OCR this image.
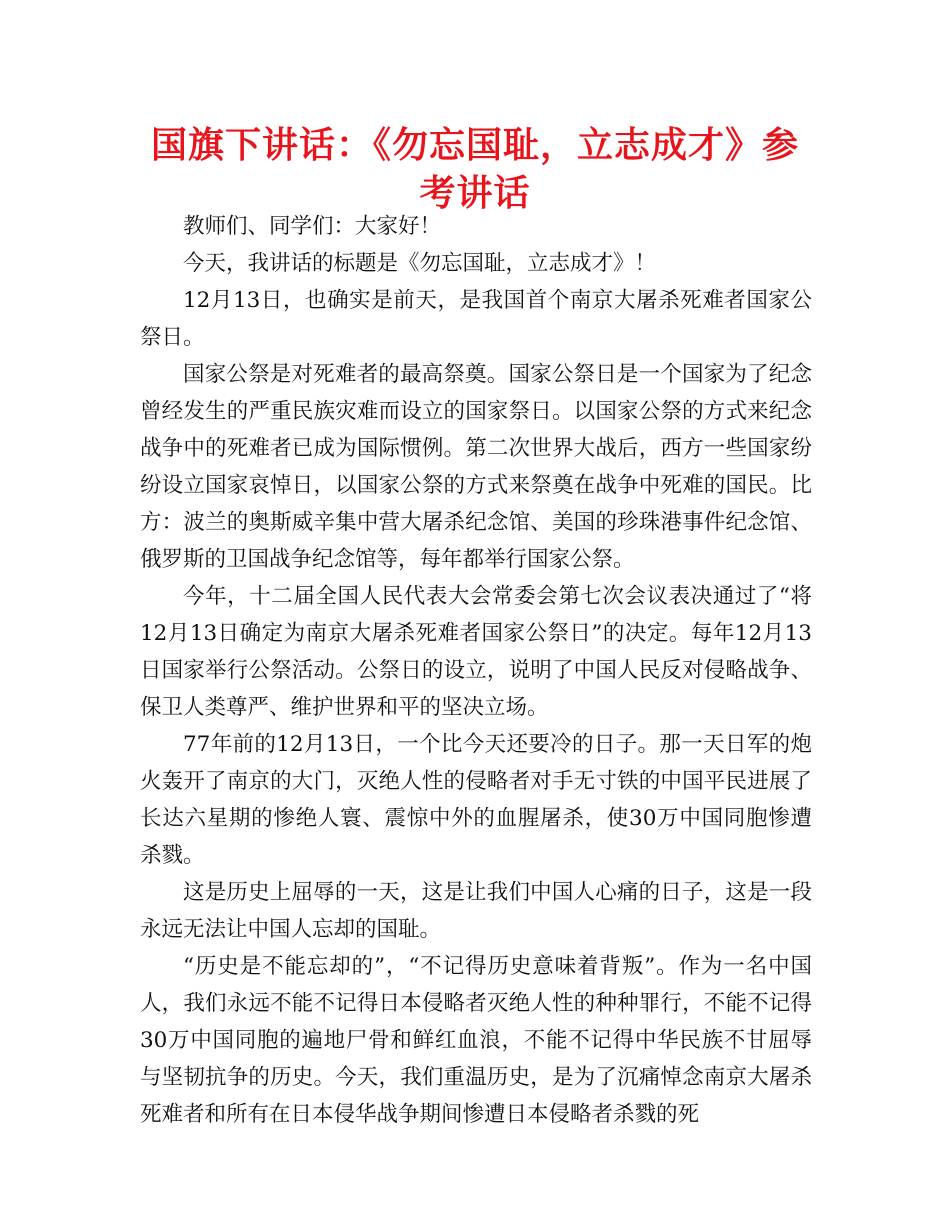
国旗下讲话：《勿忘国耻，立志成才》参考讲话

教师们、同学们：大家好！

今天，我讲话的标题是《勿忘国耻，立志成才》！

12月13日，也确实是前天，是我国首个南京大屠杀死难者国家公祭日。

国家公祭是对死难者的最高祭奠。国家公祭日是一个国家为了纪念曾经发生的严重民族灾难而设立的国家祭日。以国家公祭的方式来纪念战争中的死难者已成为国际惯例。第二次世界大战后，西方一些国家纷纷设立国家哀悼日，以国家公祭的方式来祭奠在战争中死难的国民。比方：波兰的奥斯威辛集中营大屠杀纪念馆、美国的珍珠港事件纪念馆、俄罗斯的卫国战争纪念馆等，每年都举行国家公祭。

今年，十二届全国人民代表大会常委会第七次会议表决通过了“将12月13日确定为南京大屠杀死难者国家公祭日”的决定。每年12月13日国家举行公祭活动。公祭日的设立，说明了中国人民反对侵略战争、保卫人类尊严、维护世界和平的坚决立场。

77年前的12月13日，一个比今天还要冷的日子。那一天日军的炮火轰开了南京的大门，灭绝人性的侵略者对手无寸铁的中国平民进展了长达六星期的惨绝人寰、震惊中外的血腥屠杀，使30万中国同胞惨遭杀戮。

这是历史上屈辱的一天，这是让我们中国人心痛的日子，这是一段永远无法让中国人忘却的国耻。

“历史是不能忘却的”，“不记得历史意味着背叛”。作为一名中国人，我们永远不能不记得日本侵略者灭绝人性的种种罪行，不能不记得30万中国同胞的遍地尸骨和鲜红血浪，不能不记得中华民族不甘屈辱与坚韧抗争的历史。今天，我们重温历史，是为了沉痛悼念南京大屠杀死难者和所有在日本侵华战争期间惨遭日本侵略者杀戮的死
